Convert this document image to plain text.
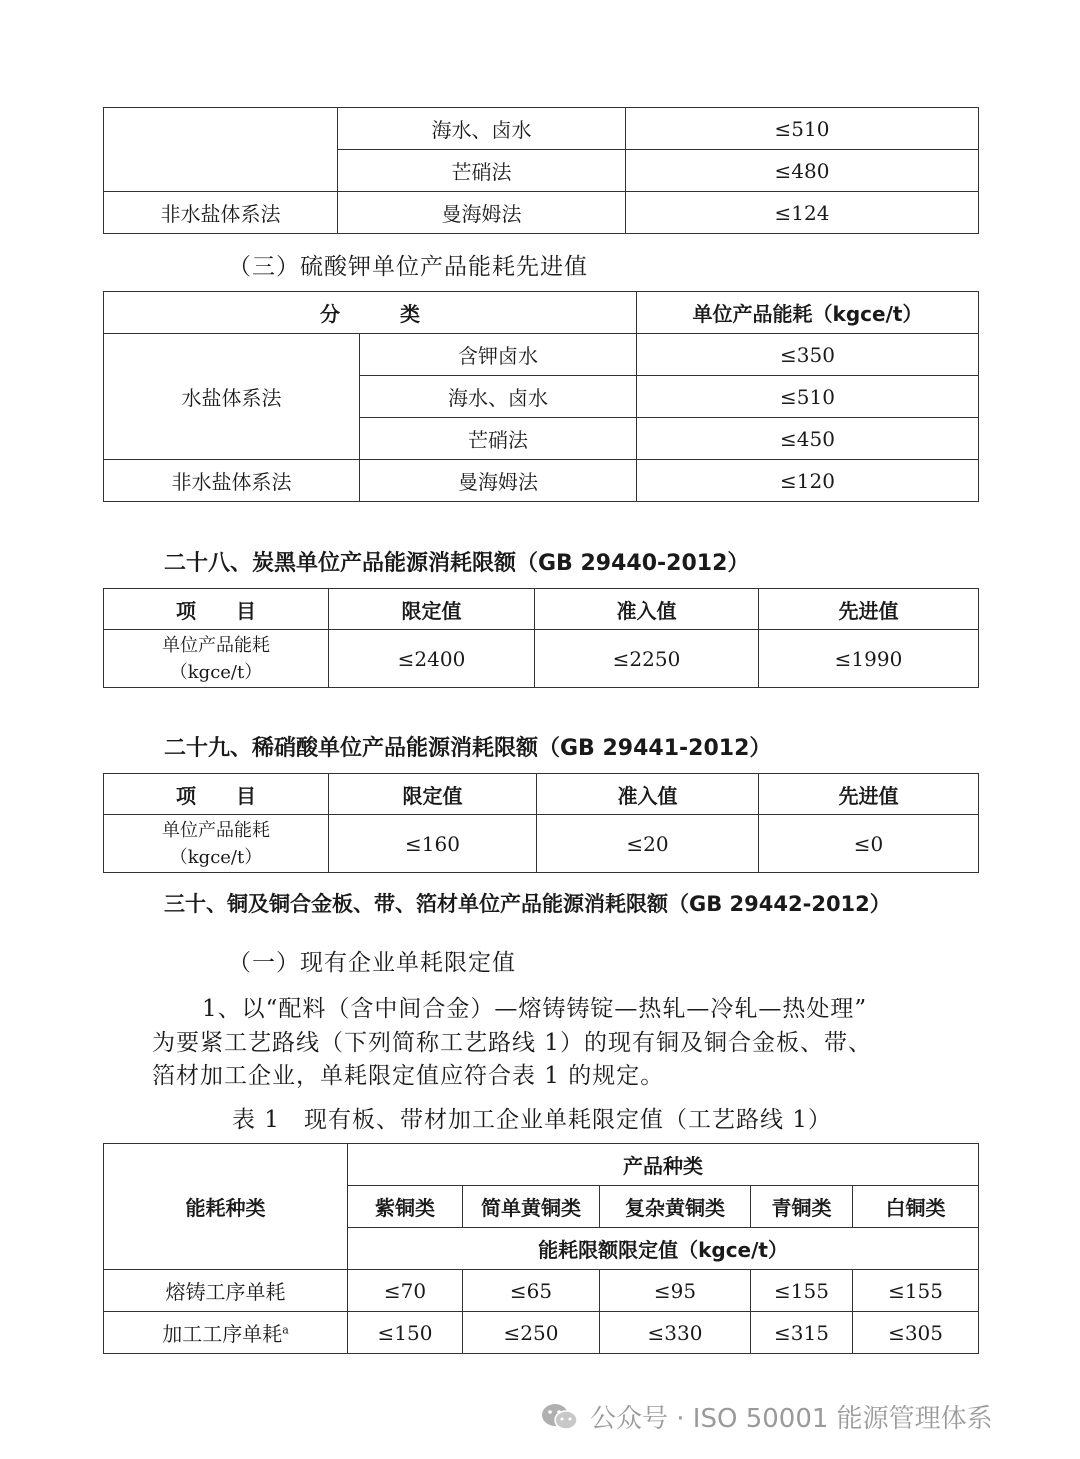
	海水、卤水	≤510
	芒硝法	≤480
非水盐体系法	曼海姆法	≤124
（三）硫酸钾单位产品能耗先进值
分　　　类		单位产品能耗（kgce/t）
水盐体系法	含钾卤水	≤350
	海水、卤水	≤510
	芒硝法	≤450
非水盐体系法	曼海姆法	≤120
二十八、炭黑单位产品能源消耗限额（GB 29440-2012）
项　　目	限定值	准入值	先进值

单位产品能耗
（kgce/t）	≤2400	≤2250	≤1990
二十九、稀硝酸单位产品能源消耗限额（GB 29441-2012）
项　　目	限定值	准入值	先进值

单位产品能耗
（kgce/t）	≤160	≤20	≤0
三十、铜及铜合金板、带、箔材单位产品能源消耗限额（GB 29442-2012）
（一）现有企业单耗限定值
1、以“配料（含中间合金）—熔铸铸锭—热轧—冷轧—热处理”
为要紧工艺路线（下列简称工艺路线 1）的现有铜及铜合金板、带、
箔材加工企业，单耗限定值应符合表 1 的规定。
表 1　现有板、带材加工企业单耗限定值（工艺路线 1）
能耗种类	产品种类				
	紫铜类	简单黄铜类	复杂黄铜类	青铜类	白铜类
	能耗限额限定值（kgce/t）				
熔铸工序单耗	≤70	≤65	≤95	≤155	≤155
加工工序单耗$^a$	≤150	≤250	≤330	≤315	≤305
公众号 · ISO 50001 能源管理体系
